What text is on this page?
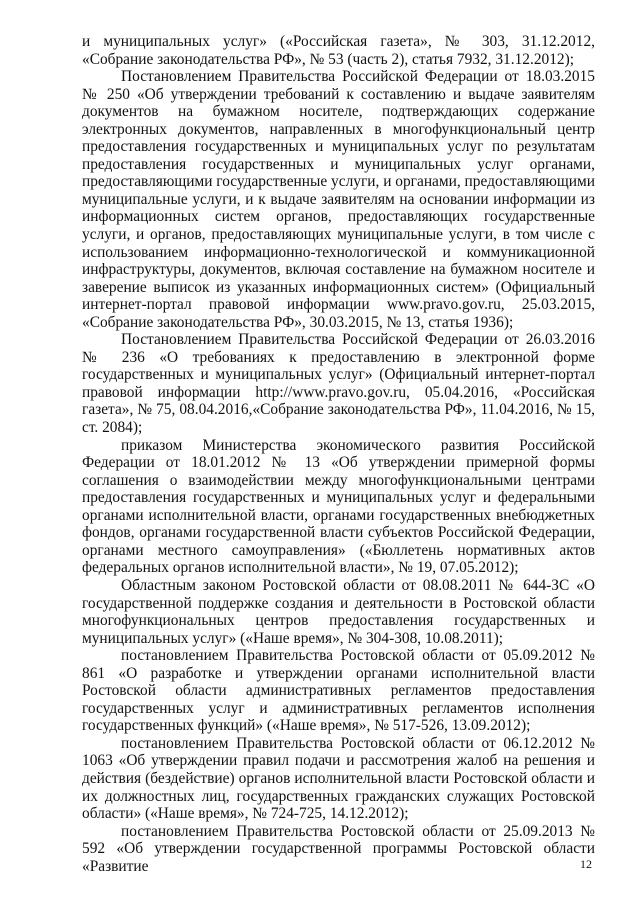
и муниципальных услуг» («Российская газета», № 303, 31.12.2012, «Собрание законодательства РФ», № 53 (часть 2), статья 7932, 31.12.2012);

Постановлением Правительства Российской Федерации от 18.03.2015 № 250 «Об утверждении требований к составлению и выдаче заявителям документов на бумажном носителе, подтверждающих содержание электронных документов, направленных в многофункциональный центр предоставления государственных и муниципальных услуг по результатам предоставления государственных и муниципальных услуг органами, предоставляющими государственные услуги, и органами, предоставляющими муниципальные услуги, и к выдаче заявителям на основании информации из информационных систем органов, предоставляющих государственные услуги, и органов, предоставляющих муниципальные услуги, в том числе с использованием информационно-технологической и коммуникационной инфраструктуры, документов, включая составление на бумажном носителе и заверение выписок из указанных информационных систем» (Официальный интернет-портал правовой информации www.pravo.gov.ru, 25.03.2015, «Собрание законодательства РФ», 30.03.2015, № 13, статья 1936);

Постановлением Правительства Российской Федерации от 26.03.2016 № 236 «О требованиях к предоставлению в электронной форме государственных и муниципальных услуг» (Официальный интернет-портал правовой информации http://www.pravo.gov.ru, 05.04.2016, «Российская газета», № 75, 08.04.2016,«Собрание законодательства РФ», 11.04.2016, № 15, ст. 2084);

приказом Министерства экономического развития Российской Федерации от 18.01.2012 № 13 «Об утверждении примерной формы соглашения о взаимодействии между многофункциональными центрами предоставления государственных и муниципальных услуг и федеральными органами исполнительной власти, органами государственных внебюджетных фондов, органами государственной власти субъектов Российской Федерации, органами местного самоуправления» («Бюллетень нормативных актов федеральных органов исполнительной власти», № 19, 07.05.2012);

Областным законом Ростовской области от 08.08.2011 № 644-ЗС «О государственной поддержке создания и деятельности в Ростовской области многофункциональных центров предоставления государственных и муниципальных услуг» («Наше время», № 304-308, 10.08.2011);

постановлением Правительства Ростовской области от 05.09.2012 № 861 «О разработке и утверждении органами исполнительной власти Ростовской области административных регламентов предоставления государственных услуг и административных регламентов исполнения государственных функций» («Наше время», № 517-526, 13.09.2012);

постановлением Правительства Ростовской области от 06.12.2012 № 1063 «Об утверждении правил подачи и рассмотрения жалоб на решения и действия (бездействие) органов исполнительной власти Ростовской области и их должностных лиц, государственных гражданских служащих Ростовской области» («Наше время», № 724-725, 14.12.2012);

постановлением Правительства Ростовской области от 25.09.2013 № 592 «Об утверждении государственной программы Ростовской области «Развитие	12
